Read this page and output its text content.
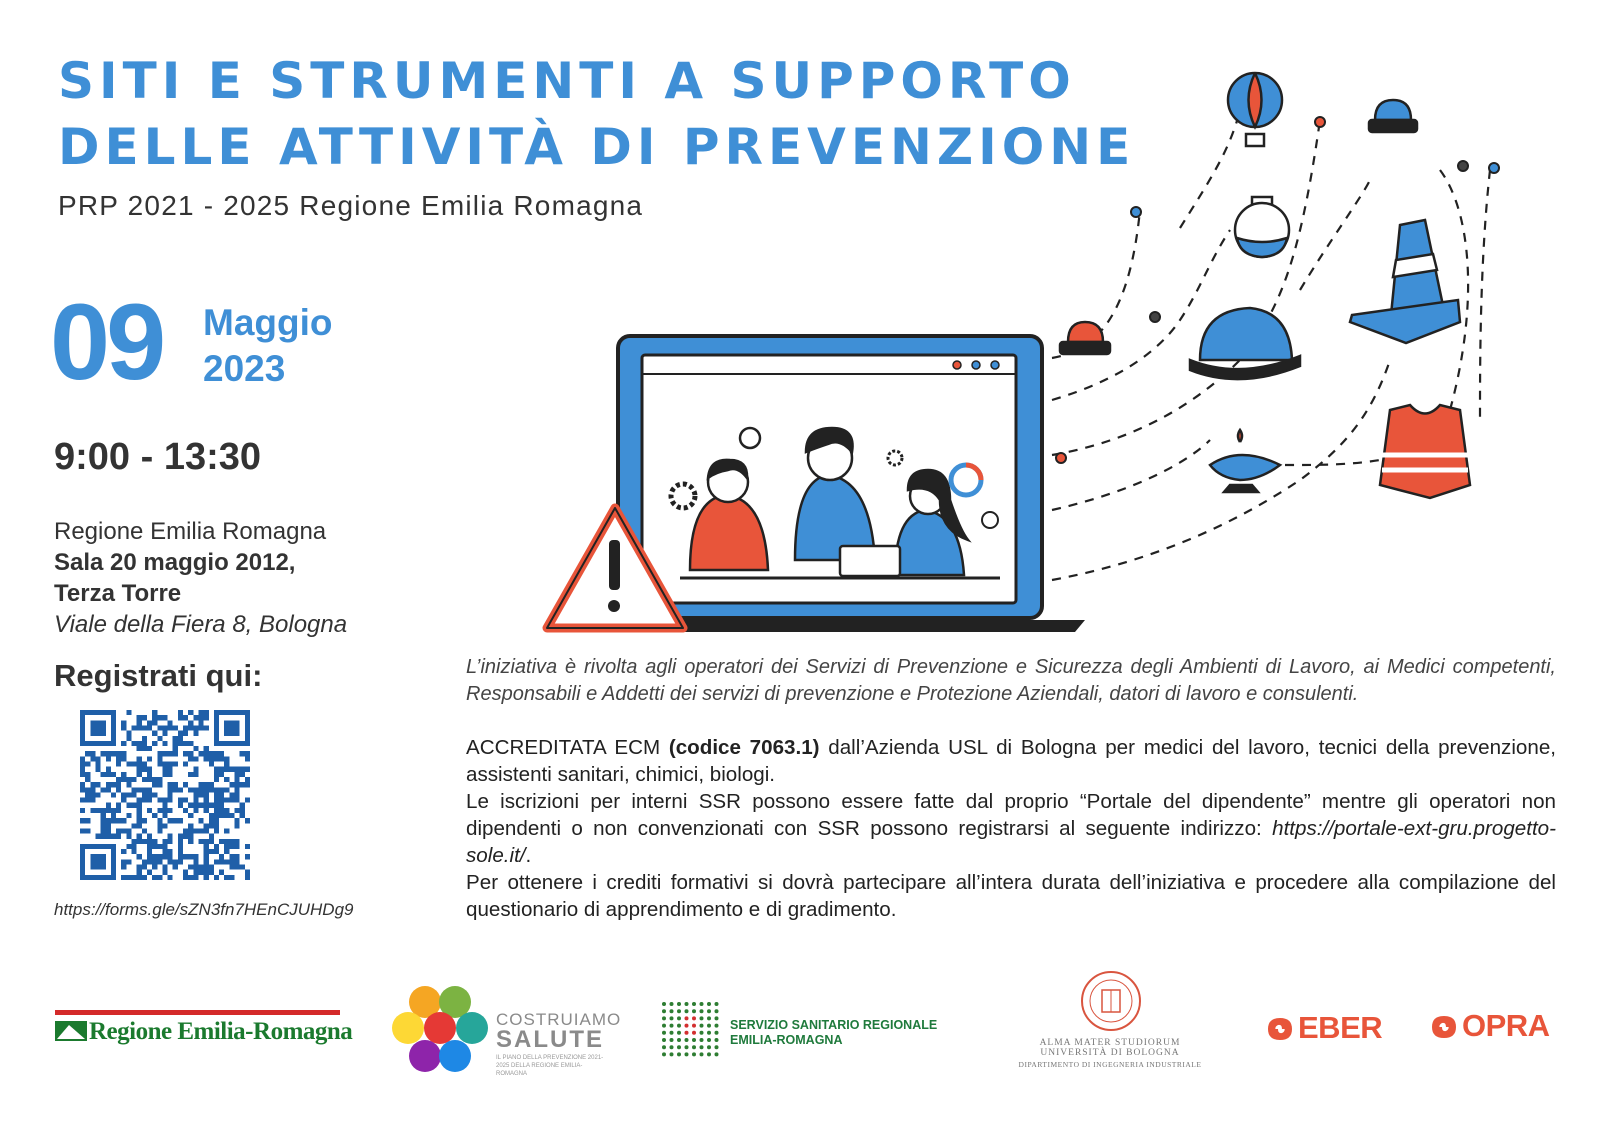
SITI E STRUMENTI A SUPPORTO
DELLE ATTIVITÀ DI PREVENZIONE
PRP 2021 - 2025 Regione Emilia Romagna
09 Maggio
2023
9:00 - 13:30
Regione Emilia Romagna
Sala 20 maggio 2012,
Terza Torre
Viale della Fiera 8, Bologna
Registrati qui:
https://forms.gle/sZN3fn7HEnCJUHDg9
L’iniziativa è rivolta agli operatori dei Servizi di Prevenzione e Sicurezza degli Ambienti di Lavoro, ai Medici competenti, Responsabili e Addetti dei servizi di prevenzione e Protezione Aziendali, datori di lavoro e consulenti.

ACCREDITATA ECM (codice 7063.1) dall’Azienda USL di Bologna per medici del lavoro, tecnici della prevenzione, assistenti sanitari, chimici, biologi.

Le iscrizioni per interni SSR possono essere fatte dal proprio “Portale del dipendente” mentre gli operatori non dipendenti o non convenzionati con SSR possono registrarsi al seguente indirizzo: https://portale-ext-gru.progetto-sole.it/.

Per ottenere i crediti formativi si dovrà partecipare all’intera durata dell’iniziativa e procedere alla compilazione del questionario di apprendimento e di gradimento.

Regione Emilia-Romagna	COSTRUIAMO
SALUTE
IL PIANO DELLA PREVENZIONE 2021-2025 DELLA REGIONE EMILIA-ROMAGNA
SERVIZIO SANITARIO REGIONALE
EMILIA-ROMAGNA	ALMA MATER STUDIORUM
UNIVERSITÀ DI BOLOGNA
DIPARTIMENTO DI INGEGNERIA INDUSTRIALE
EBER	OPRA
